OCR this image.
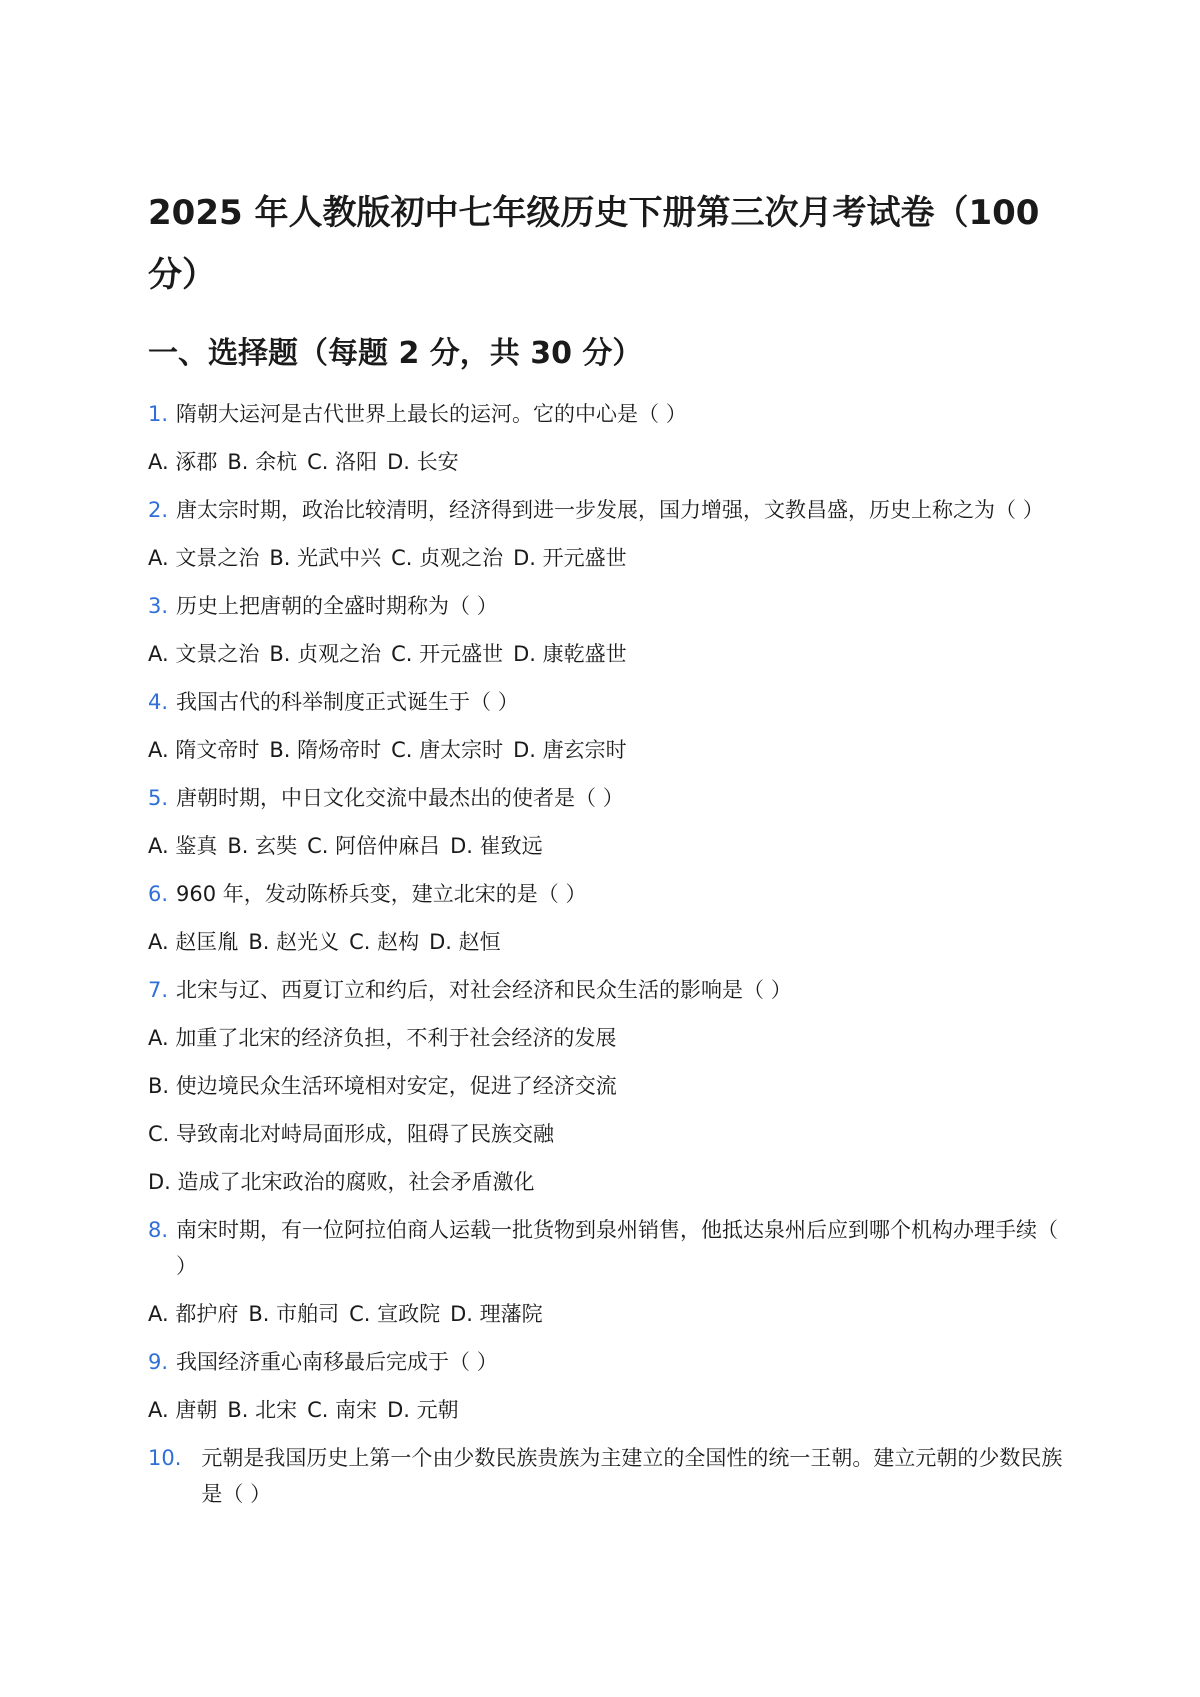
2025 年人教版初中七年级历史下册第三次月考试卷（100 分）
一、选择题（每题 2 分，共 30 分）
1. 隋朝大运河是古代世界上最长的运河。它的中心是（ ）
A. 涿郡 B. 余杭 C. 洛阳 D. 长安
2. 唐太宗时期，政治比较清明，经济得到进一步发展，国力增强，文教昌盛，历史上称之为（ ）
A. 文景之治 B. 光武中兴 C. 贞观之治 D. 开元盛世
3. 历史上把唐朝的全盛时期称为（ ）
A. 文景之治 B. 贞观之治 C. 开元盛世 D. 康乾盛世
4. 我国古代的科举制度正式诞生于（ ）
A. 隋文帝时 B. 隋炀帝时 C. 唐太宗时 D. 唐玄宗时
5. 唐朝时期，中日文化交流中最杰出的使者是（ ）
A. 鉴真 B. 玄奘 C. 阿倍仲麻吕 D. 崔致远
6. 960 年，发动陈桥兵变，建立北宋的是（ ）
A. 赵匡胤 B. 赵光义 C. 赵构 D. 赵恒
7. 北宋与辽、西夏订立和约后，对社会经济和民众生活的影响是（ ）
A. 加重了北宋的经济负担，不利于社会经济的发展
B. 使边境民众生活环境相对安定，促进了经济交流
C. 导致南北对峙局面形成，阻碍了民族交融
D. 造成了北宋政治的腐败，社会矛盾激化
8. 南宋时期，有一位阿拉伯商人运载一批货物到泉州销售，他抵达泉州后应到哪个机构办理手续（ ）
A. 都护府 B. 市舶司 C. 宣政院 D. 理藩院
9. 我国经济重心南移最后完成于（ ）
A. 唐朝 B. 北宋 C. 南宋 D. 元朝
10. 元朝是我国历史上第一个由少数民族贵族为主建立的全国性的统一王朝。建立元朝的少数民族是（ ）
